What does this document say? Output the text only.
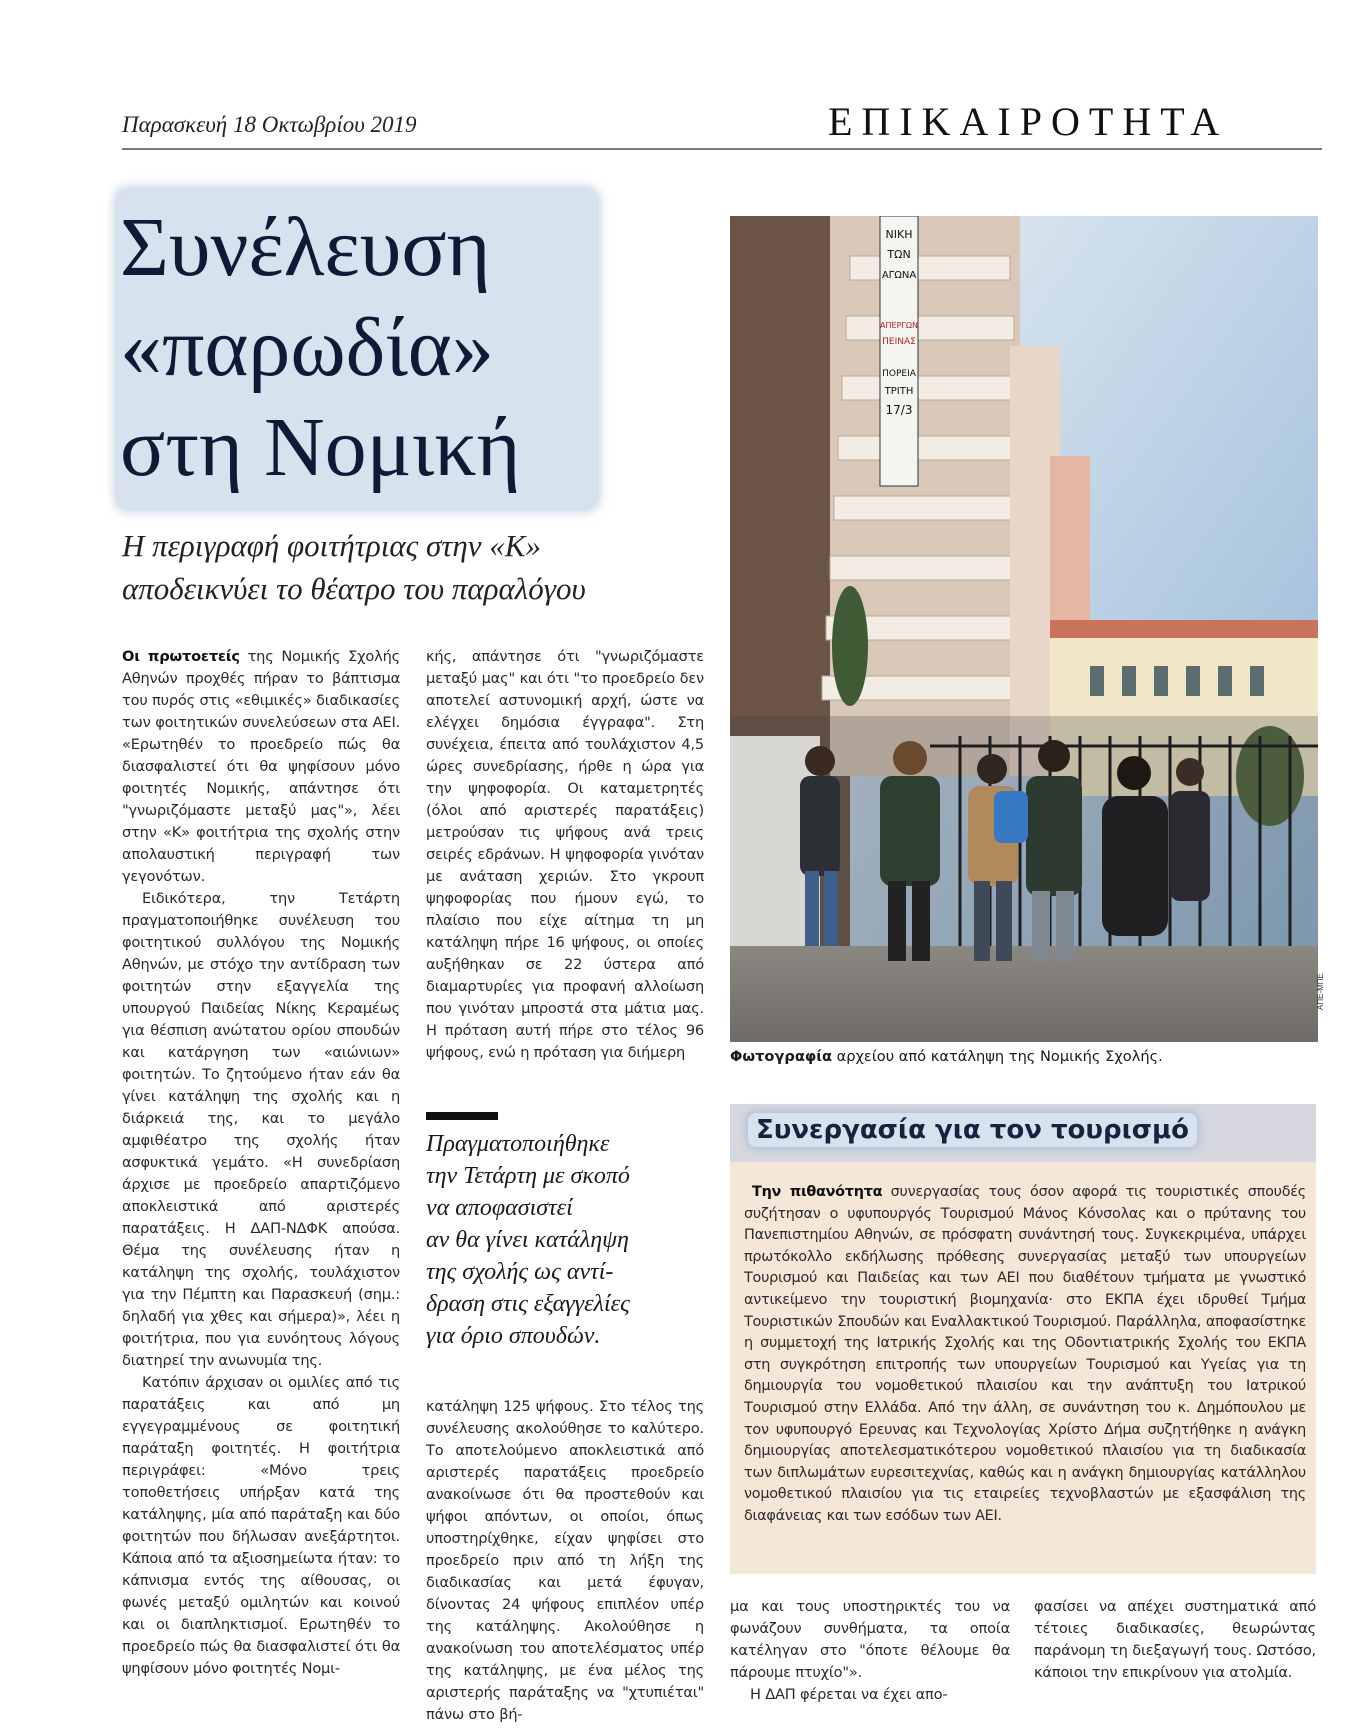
Παρασκευή 18 Οκτωβρίου 2019	ΕΠΙΚΑΙΡΟΤΗΤΑ
Συνέλευση
«παρωδία»
στη Νομική
Η περιγραφή φοιτήτριας στην «Κ»
αποδεικνύει το θέατρο του παραλόγου

Οι πρωτοετείς της Νομικής Σχολής Αθηνών προχθές πήραν το βάπτισμα του πυρός στις «εθιμικές» διαδικασίες των φοιτητικών συνελεύσεων στα ΑΕΙ. «Ερωτηθέν το προεδρείο πώς θα διασφαλιστεί ότι θα ψηφίσουν μόνο φοιτητές Νομικής, απάντησε ότι "γνωριζόμαστε μεταξύ μας"», λέει στην «Κ» φοιτήτρια της σχολής στην απολαυστική περιγραφή των γεγονότων.

Ειδικότερα, την Τετάρτη πραγματοποιήθηκε συνέλευση του φοιτητικού συλλόγου της Νομικής Αθηνών, με στόχο την αντίδραση των φοιτητών στην εξαγγελία της υπουργού Παιδείας Νίκης Κεραμέως για θέσπιση ανώτατου ορίου σπουδών και κατάργηση των «αιώνιων» φοιτητών. Το ζητούμενο ήταν εάν θα γίνει κατάληψη της σχολής και η διάρκειά της, και το μεγάλο αμφιθέατρο της σχολής ήταν ασφυκτικά γεμάτο. «Η συνεδρίαση άρχισε με προεδρείο απαρτιζόμενο αποκλειστικά από αριστερές παρατάξεις. Η ΔΑΠ-ΝΔΦΚ απούσα. Θέμα της συνέλευσης ήταν η κατάληψη της σχολής, τουλάχιστον για την Πέμπτη και Παρασκευή (σημ.: δηλαδή για χθες και σήμερα)», λέει η φοιτήτρια, που για ευνόητους λόγους διατηρεί την ανωνυμία της.

Κατόπιν άρχισαν οι ομιλίες από τις παρατάξεις και από μη εγγεγραμμένους σε φοιτητική παράταξη φοιτητές. Η φοιτήτρια περιγράφει: «Μόνο τρεις τοποθετήσεις υπήρξαν κατά της κατάληψης, μία από παράταξη και δύο φοιτητών που δήλωσαν ανεξάρτητοι. Κάποια από τα αξιοσημείωτα ήταν: το κάπνισμα εντός της αίθουσας, οι φωνές μεταξύ ομιλητών και κοινού και οι διαπληκτισμοί. Ερωτηθέν το προεδρείο πώς θα διασφαλιστεί ότι θα ψηφίσουν μόνο φοιτητές Νομι-

κής, απάντησε ότι "γνωριζόμαστε μεταξύ μας" και ότι "το προεδρείο δεν αποτελεί αστυνομική αρχή, ώστε να ελέγχει δημόσια έγγραφα". Στη συνέχεια, έπειτα από τουλάχιστον 4,5 ώρες συνεδρίασης, ήρθε η ώρα για την ψηφοφορία. Οι καταμετρητές (όλοι από αριστερές παρατάξεις) μετρούσαν τις ψήφους ανά τρεις σειρές εδράνων. Η ψηφοφορία γινόταν με ανάταση χεριών. Στο γκρουπ ψηφοφορίας που ήμουν εγώ, το πλαίσιο που είχε αίτημα τη μη κατάληψη πήρε 16 ψήφους, οι οποίες αυξήθηκαν σε 22 ύστερα από διαμαρτυρίες για προφανή αλλοίωση που γινόταν μπροστά στα μάτια μας. Η πρόταση αυτή πήρε στο τέλος 96 ψήφους, ενώ η πρόταση για διήμερη

Πραγματοποιήθηκε
την Τετάρτη με σκοπό
να αποφασιστεί
αν θα γίνει κατάληψη
της σχολής ως αντί-
δραση στις εξαγγελίες
για όριο σπουδών.

κατάληψη 125 ψήφους. Στο τέλος της συνέλευσης ακολούθησε το καλύτερο. Το αποτελούμενο αποκλειστικά από αριστερές παρατάξεις προεδρείο ανακοίνωσε ότι θα προστεθούν και ψήφοι απόντων, οι οποίοι, όπως υποστηρίχθηκε, είχαν ψηφίσει στο προεδρείο πριν από τη λήξη της διαδικασίας και μετά έφυγαν, δίνοντας 24 ψήφους επιπλέον υπέρ της κατάληψης. Ακολούθησε η ανακοίνωση του αποτελέσματος υπέρ της κατάληψης, με ένα μέλος της αριστερής παράταξης να "χτυπιέται" πάνω στο βή-

ΝΙΚΗ
ΤΩΝ
ΑΓΩΝΑ
ΑΠΕΡΓΩΝ
ΠΕΙΝΑΣ
ΠΟΡΕΙΑ
ΤΡΙΤΗ
17/3
ΑΠΕ-ΜΠΕ
Φωτογραφία αρχείου από κατάληψη της Νομικής Σχολής.
Συνεργασία για τον τουρισμό

Την πιθανότητα συνεργασίας τους όσον αφορά τις τουριστικές σπουδές συζήτησαν ο υφυπουργός Τουρισμού Μάνος Κόνσολας και ο πρύτανης του Πανεπιστημίου Αθηνών, σε πρόσφατη συνάντησή τους. Συγκεκριμένα, υπάρχει πρωτόκολλο εκδήλωσης πρόθεσης συνεργασίας μεταξύ των υπουργείων Τουρισμού και Παιδείας και των ΑΕΙ που διαθέτουν τμήματα με γνωστικό αντικείμενο την τουριστική βιομηχανία· στο ΕΚΠΑ έχει ιδρυθεί Τμήμα Τουριστικών Σπουδών και Εναλλακτικού Τουρισμού. Παράλληλα, αποφασίστηκε η συμμετοχή της Ιατρικής Σχολής και της Οδοντιατρικής Σχολής του ΕΚΠΑ στη συγκρότηση επιτροπής των υπουργείων Τουρισμού και Υγείας για τη δημιουργία του νομοθετικού πλαισίου και την ανάπτυξη του Ιατρικού Τουρισμού στην Ελλάδα. Από την άλλη, σε συνάντηση του κ. Δημόπουλου με τον υφυπουργό Ερευνας και Τεχνολογίας Χρίστο Δήμα συζητήθηκε η ανάγκη δημιουργίας αποτελεσματικότερου νομοθετικού πλαισίου για τη διαδικασία των διπλωμάτων ευρεσιτεχνίας, καθώς και η ανάγκη δημιουργίας κατάλληλου νομοθετικού πλαισίου για τις εταιρείες τεχνοβλαστών με εξασφάλιση της διαφάνειας και των εσόδων των ΑΕΙ.

μα και τους υποστηρικτές του να φωνάζουν συνθήματα, τα οποία κατέληγαν στο "όποτε θέλουμε θα πάρουμε πτυχίο"».

Η ΔΑΠ φέρεται να έχει απο-

φασίσει να απέχει συστηματικά από τέτοιες διαδικασίες, θεωρώντας παράνομη τη διεξαγωγή τους. Ωστόσο, κάποιοι την επικρίνουν για ατολμία.
